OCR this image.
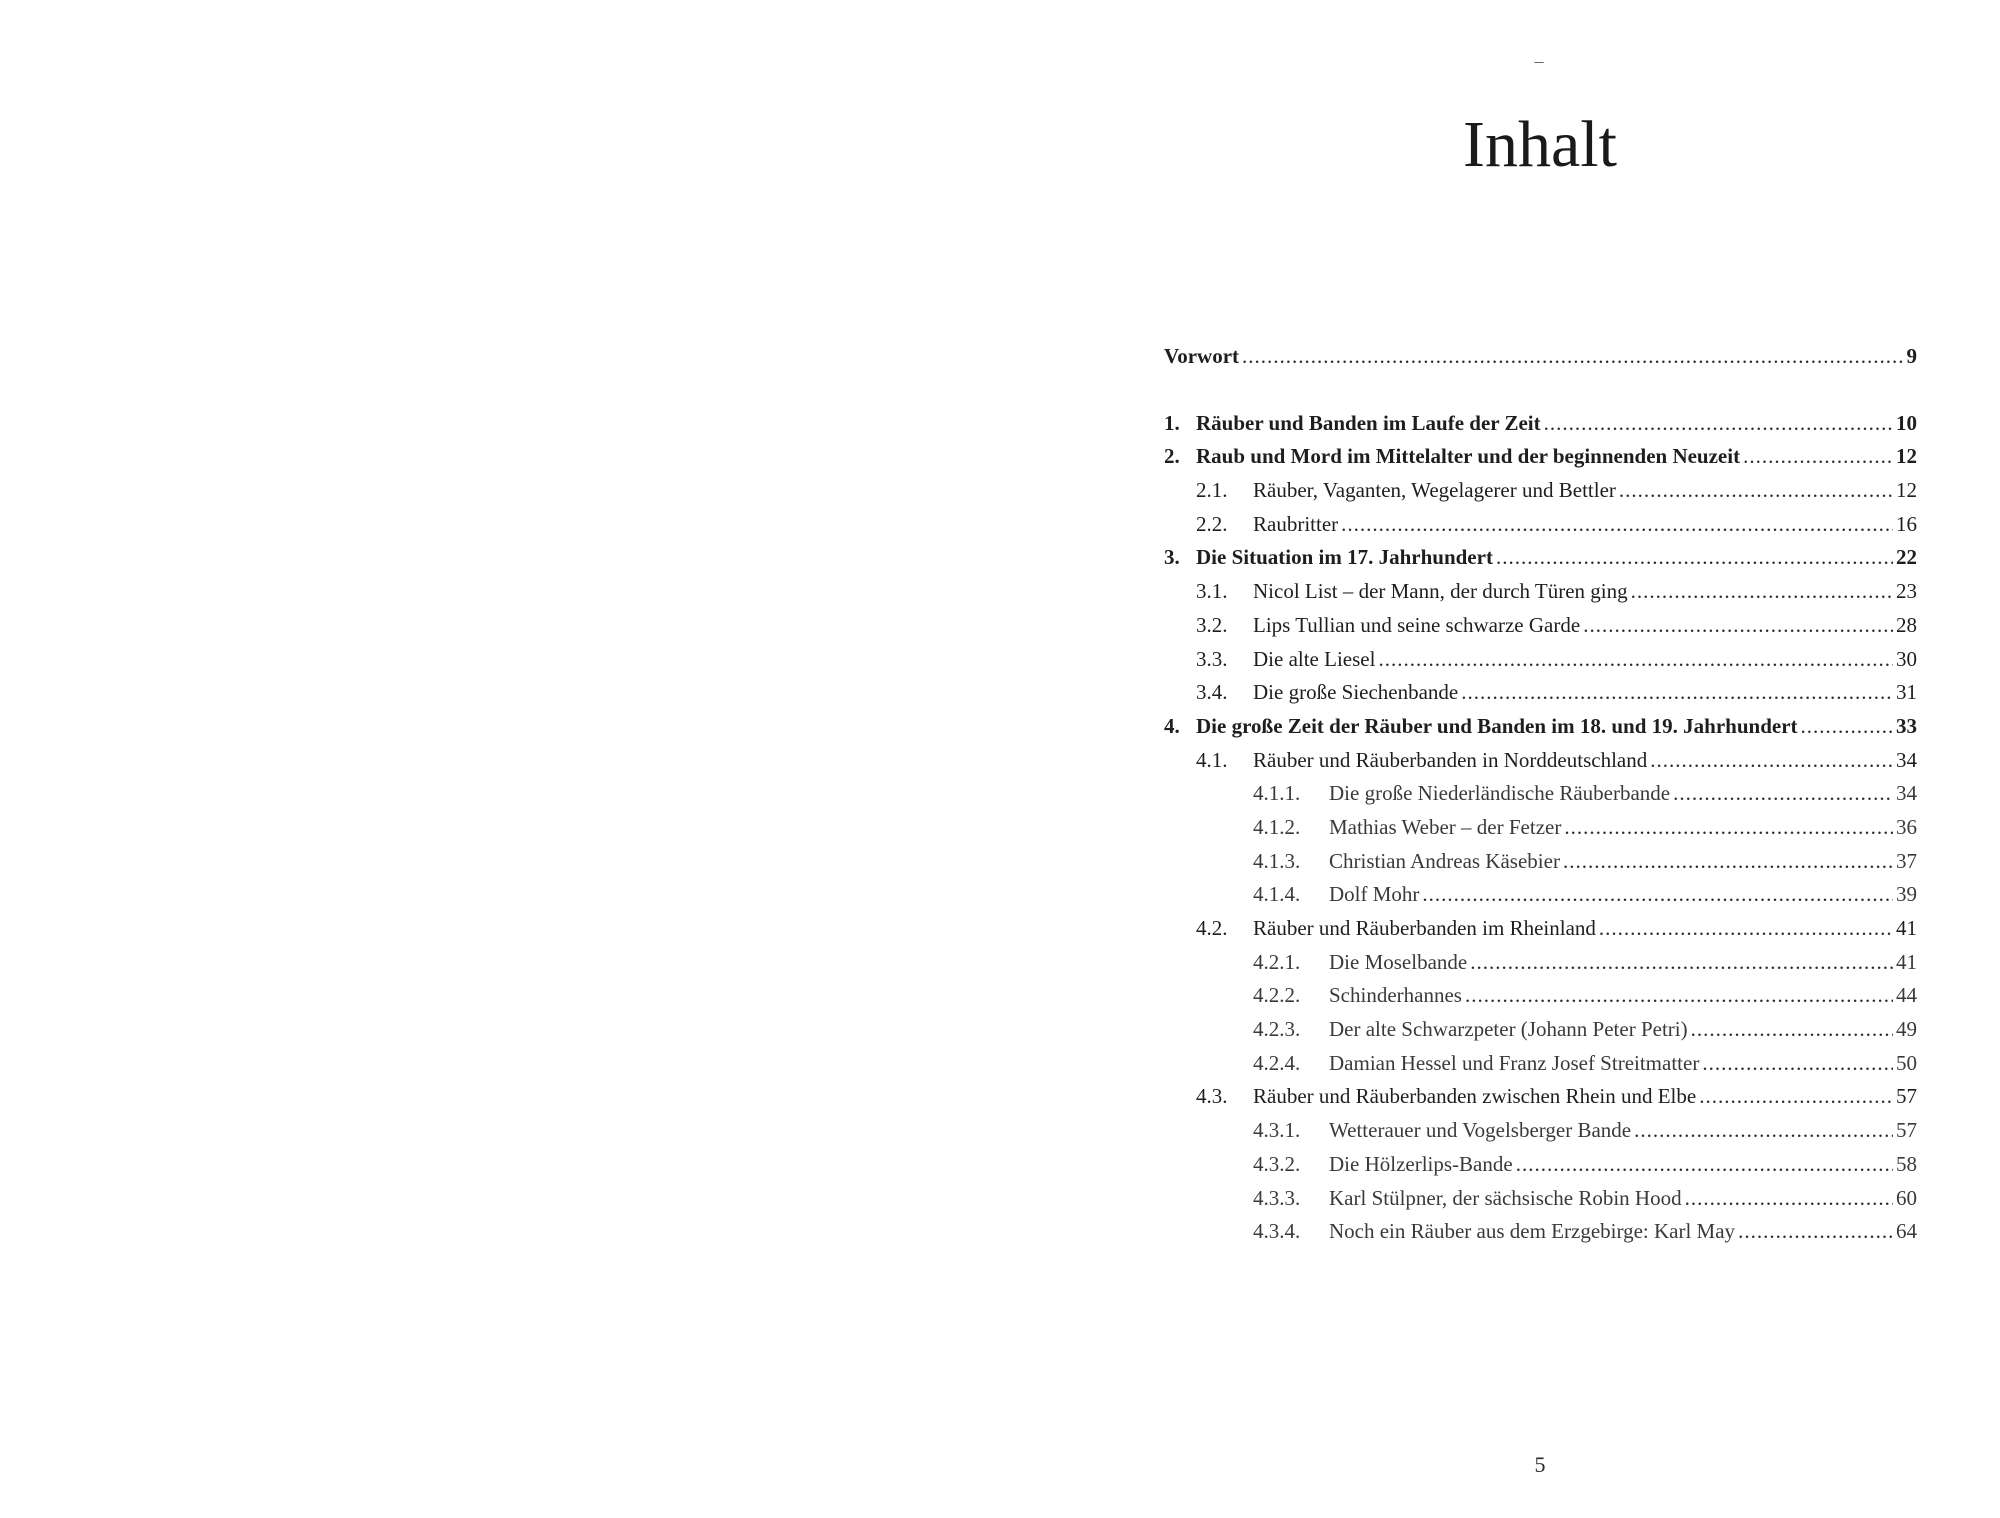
–
Inhalt
Vorwort .....	9
1. Räuber und Banden im Laufe der Zeit .....	10
2. Raub und Mord im Mittelalter und der beginnenden Neuzeit .....	12
2.1.	Räuber, Vaganten, Wegelagerer und Bettler .....	12
2.2.	Raubritter .....	16
3. Die Situation im 17. Jahrhundert .....	22
3.1.	Nicol List – der Mann, der durch Türen ging .....	23
3.2.	Lips Tullian und seine schwarze Garde .....	28
3.3.	Die alte Liesel .....	30
3.4.	Die große Siechenbande .....	31
4. Die große Zeit der Räuber und Banden im 18. und 19. Jahrhundert .....	33
4.1.	Räuber und Räuberbanden in Norddeutschland .....	34
4.1.1.	Die große Niederländische Räuberbande .....	34
4.1.2.	Mathias Weber – der Fetzer .....	36
4.1.3.	Christian Andreas Käsebier .....	37
4.1.4.	Dolf Mohr .....	39
4.2.	Räuber und Räuberbanden im Rheinland .....	41
4.2.1.	Die Moselbande .....	41
4.2.2.	Schinderhannes .....	44
4.2.3.	Der alte Schwarzpeter (Johann Peter Petri) .....	49
4.2.4.	Damian Hessel und Franz Josef Streitmatter .....	50
4.3.	Räuber und Räuberbanden zwischen Rhein und Elbe .....	57
4.3.1.	Wetterauer und Vogelsberger Bande .....	57
4.3.2.	Die Hölzerlips-Bande .....	58
4.3.3.	Karl Stülpner, der sächsische Robin Hood .....	60
4.3.4.	Noch ein Räuber aus dem Erzgebirge: Karl May .....	64
5
